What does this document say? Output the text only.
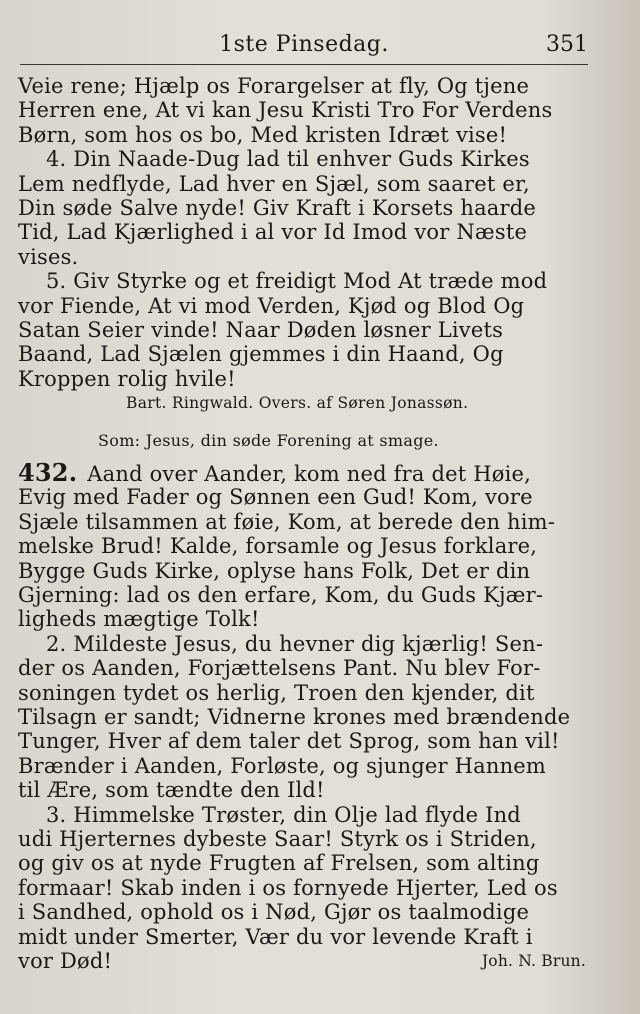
1ste Pinsedag.	351
Veie rene; Hjælp os Forargelser at fly, Og tjene
Herren ene, At vi kan Jesu Kristi Tro For Verdens
Børn, som hos os bo, Med kristen Idræt vise!
4. Din Naade-Dug lad til enhver Guds Kirkes
Lem nedflyde, Lad hver en Sjæl, som saaret er,
Din søde Salve nyde! Giv Kraft i Korsets haarde
Tid, Lad Kjærlighed i al vor Id Imod vor Næste
vises.
5. Giv Styrke og et freidigt Mod At træde mod
vor Fiende, At vi mod Verden, Kjød og Blod Og
Satan Seier vinde! Naar Døden løsner Livets
Baand, Lad Sjælen gjemmes i din Haand, Og
Kroppen rolig hvile!
Bart. Ringwald. Overs. af Søren Jonassøn.
Som: Jesus, din søde Forening at smage.
432. Aand over Aander, kom ned fra det Høie,
Evig med Fader og Sønnen een Gud! Kom, vore
Sjæle tilsammen at føie, Kom, at berede den him-
melske Brud! Kalde, forsamle og Jesus forklare,
Bygge Guds Kirke, oplyse hans Folk, Det er din
Gjerning: lad os den erfare, Kom, du Guds Kjær-
ligheds mægtige Tolk!
2. Mildeste Jesus, du hevner dig kjærlig! Sen-
der os Aanden, Forjættelsens Pant. Nu blev For-
soningen tydet os herlig, Troen den kjender, dit
Tilsagn er sandt; Vidnerne krones med brændende
Tunger, Hver af dem taler det Sprog, som han vil!
Brænder i Aanden, Forløste, og sjunger Hannem
til Ære, som tændte den Ild!
3. Himmelske Trøster, din Olje lad flyde Ind
udi Hjerternes dybeste Saar! Styrk os i Striden,
og giv os at nyde Frugten af Frelsen, som alting
formaar! Skab inden i os fornyede Hjerter, Led os
i Sandhed, ophold os i Nød, Gjør os taalmodige
midt under Smerter, Vær du vor levende Kraft i
vor Død!	Joh. N. Brun.
